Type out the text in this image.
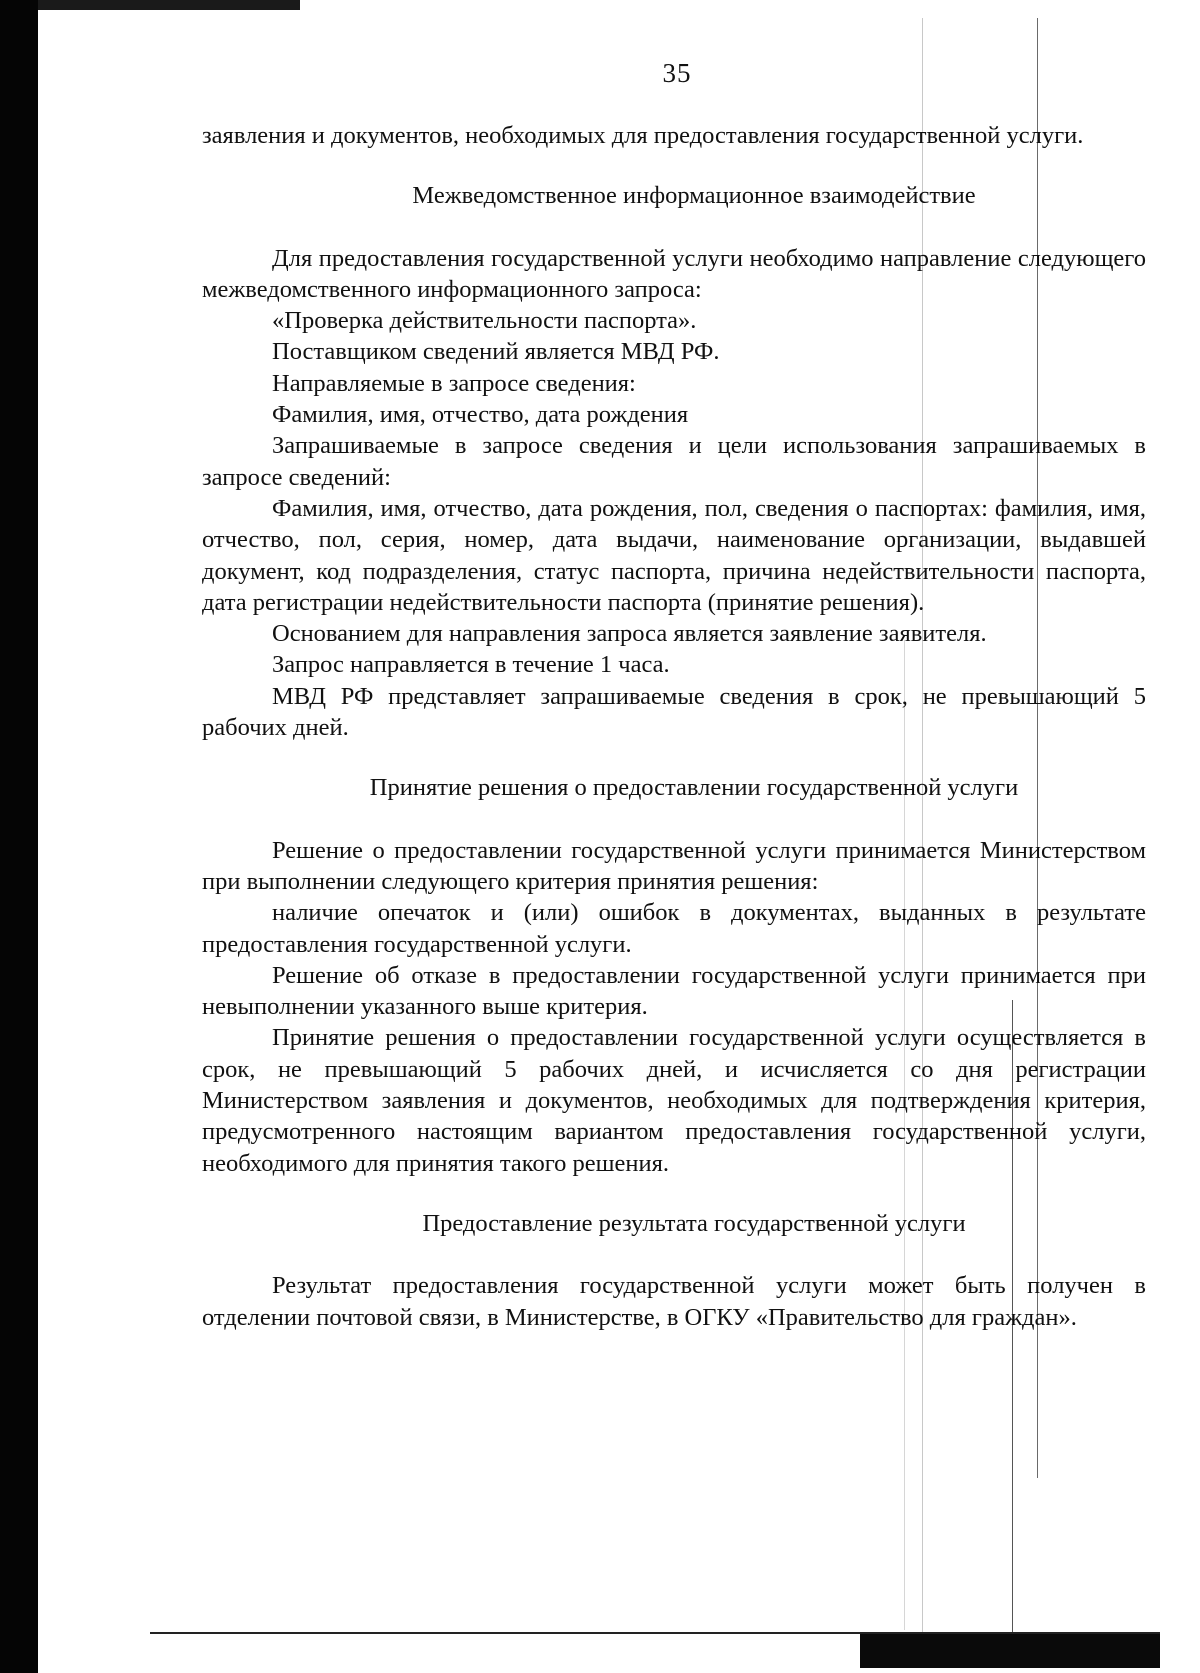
35

заявления и документов, необходимых для предоставления государственной услуги.

Межведомственное информационное взаимодействие

Для предоставления государственной услуги необходимо направление следующего межведомственного информационного запроса:

«Проверка действительности паспорта».

Поставщиком сведений является МВД РФ.

Направляемые в запросе сведения:

Фамилия, имя, отчество, дата рождения

Запрашиваемые в запросе сведения и цели использования запрашиваемых в запросе сведений:

Фамилия, имя, отчество, дата рождения, пол, сведения о паспортах: фамилия, имя, отчество, пол, серия, номер, дата выдачи, наименование организации, выдавшей документ, код подразделения, статус паспорта, причина недействительности паспорта, дата регистрации недействительности паспорта (принятие решения).

Основанием для направления запроса является заявление заявителя.

Запрос направляется в течение 1 часа.

МВД РФ представляет запрашиваемые сведения в срок, не превышающий 5 рабочих дней.

Принятие решения о предоставлении государственной услуги

Решение о предоставлении государственной услуги принимается Министерством при выполнении следующего критерия принятия решения:

наличие опечаток и (или) ошибок в документах, выданных в результате предоставления государственной услуги.

Решение об отказе в предоставлении государственной услуги принимается при невыполнении указанного выше критерия.

Принятие решения о предоставлении государственной услуги осуществляется в срок, не превышающий 5 рабочих дней, и исчисляется со дня регистрации Министерством заявления и документов, необходимых для подтверждения критерия, предусмотренного настоящим вариантом предоставления государственной услуги, необходимого для принятия такого решения.

Предоставление результата государственной услуги

Результат предоставления государственной услуги может быть получен в отделении почтовой связи, в Министерстве, в ОГКУ «Правительство для граждан».
